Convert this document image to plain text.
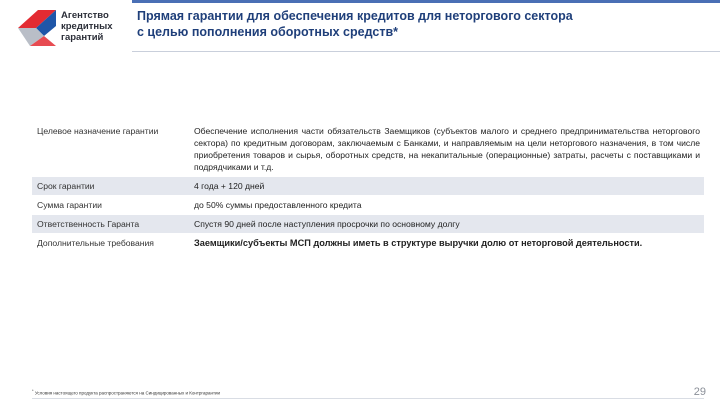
Агентство
кредитных
гарантий
Прямая гарантии для обеспечения кредитов для неторгового сектора
с целью пополнения оборотных средств*
Целевое назначение гарантии	Обеспечение исполнения части обязательств Заемщиков (субъектов малого и среднего предпринимательства неторгового сектора) по кредитным договорам, заключаемым с Банками, и направляемым на цели неторгового назначения, в том числе приобретения товаров и сырья, оборотных средств, на некапитальные (операционные) затраты, расчеты с поставщиками и подрядчиками и т.д.
Срок гарантии	4 года + 120 дней
Сумма гарантии	до 50% суммы предоставленного кредита
Ответственность Гаранта	Спустя 90 дней после наступления просрочки по основному долгу
Дополнительные требования	Заемщики/субъекты МСП должны иметь в структуре выручки долю от неторговой деятельности.
* Условия настоящего продукта распространяются на Синдицированных и Контргарантии	29
